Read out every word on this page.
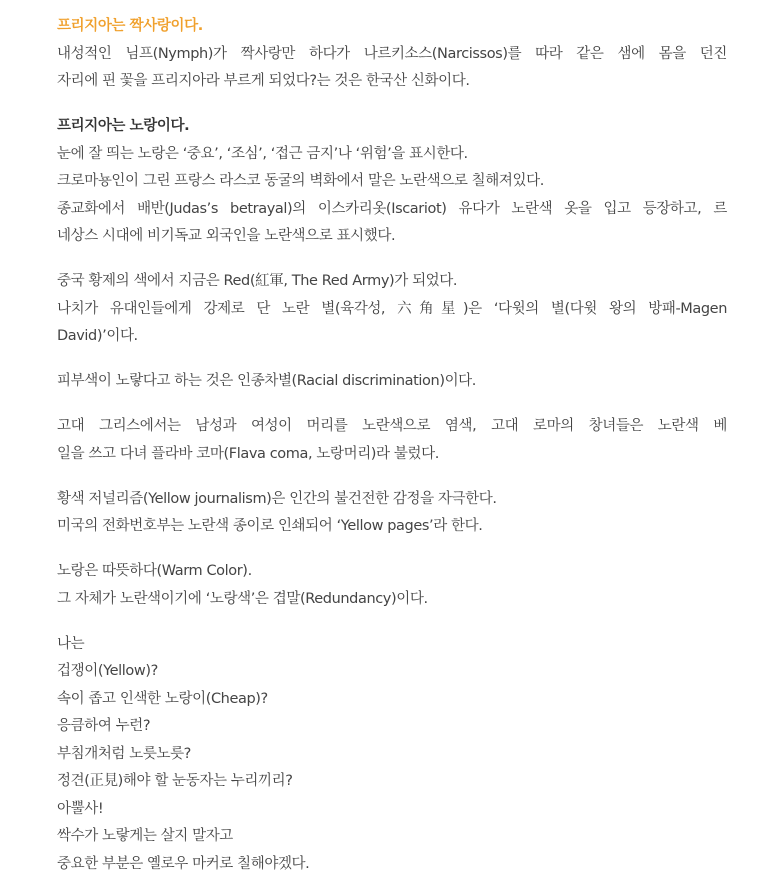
프리지아는 짝사랑이다.
내성적인 님프(Nymph)가 짝사랑만 하다가 나르키소스(Narcissos)를 따라 같은 샘에 몸을 던진
자리에 핀 꽃을 프리지아라 부르게 되었다?는 것은 한국산 신화이다.
프리지아는 노랑이다.
눈에 잘 띄는 노랑은 ‘중요’, ‘조심’, ‘접근 금지’나 ‘위험’을 표시한다.
크로마뇽인이 그린 프랑스 라스코 동굴의 벽화에서 말은 노란색으로 칠해져있다.
종교화에서 배반(Judas’s betrayal)의 이스카리옷(Iscariot) 유다가 노란색 옷을 입고 등장하고, 르
네상스 시대에 비기독교 외국인을 노란색으로 표시했다.
중국 황제의 색에서 지금은 Red(紅軍, The Red Army)가 되었다.
나치가 유대인들에게 강제로 단 노란 별(육각성, 六角星)은 ‘다윗의 별(다윗 왕의 방패-Magen
David)’이다.
피부색이 노랗다고 하는 것은 인종차별(Racial discrimination)이다.
고대 그리스에서는 남성과 여성이 머리를 노란색으로 염색, 고대 로마의 창녀들은 노란색 베
일을 쓰고 다녀 플라바 코마(Flava coma, 노랑머리)라 불렀다.
황색 저널리즘(Yellow journalism)은 인간의 불건전한 감정을 자극한다.
미국의 전화번호부는 노란색 종이로 인쇄되어 ‘Yellow pages’라 한다.
노랑은 따뜻하다(Warm Color).
그 자체가 노란색이기에 ‘노랑색’은 겹말(Redundancy)이다.
나는
겁쟁이(Yellow)?
속이 좁고 인색한 노랑이(Cheap)?
응큼하여 누런?
부침개처럼 노릇노릇?
정견(正見)해야 할 눈동자는 누리끼리?
아뿔사!
싹수가 노랗게는 살지 말자고
중요한 부분은 옐로우 마커로 칠해야겠다.
